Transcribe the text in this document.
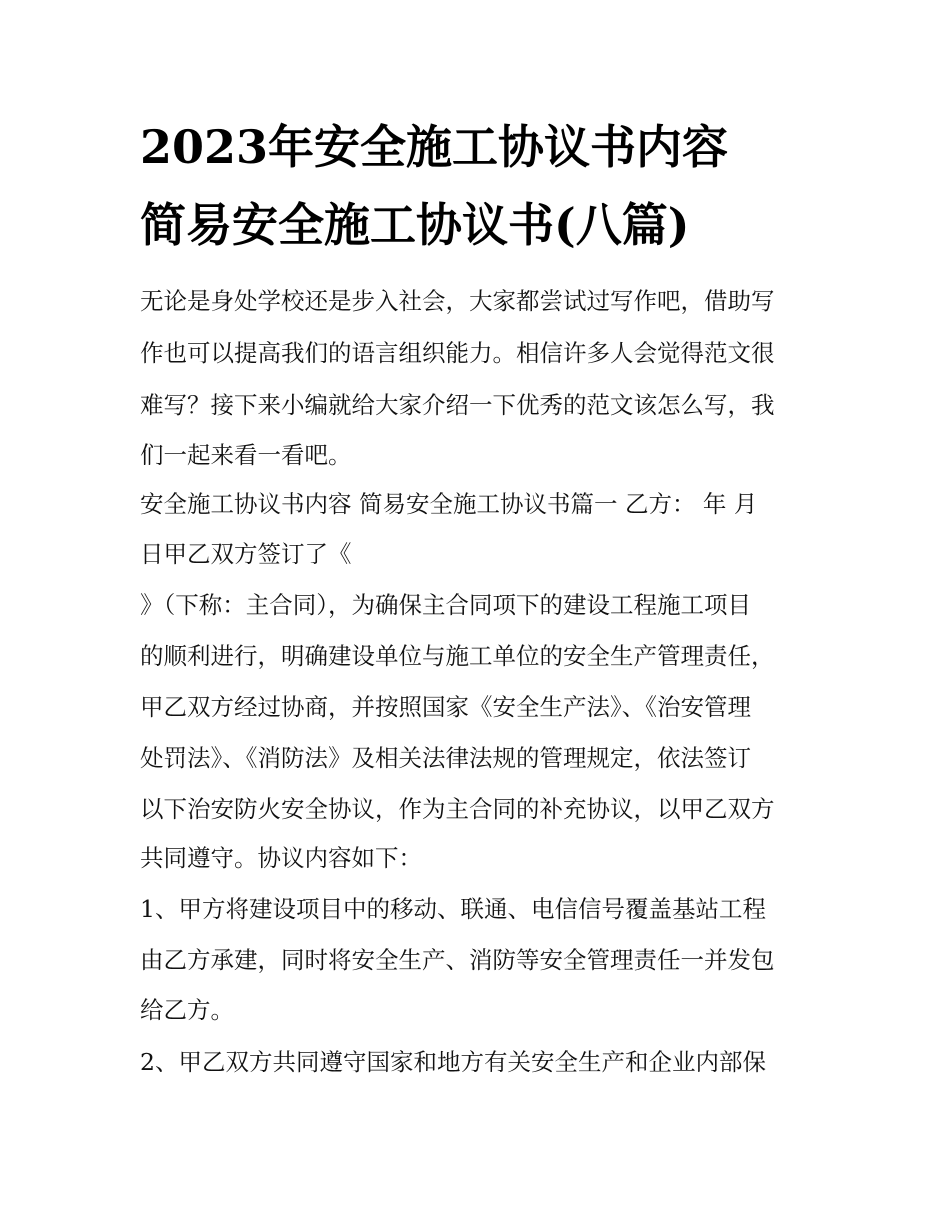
2023年安全施工协议书内容
简易安全施工协议书(八篇)
无论是身处学校还是步入社会，大家都尝试过写作吧，借助写
作也可以提高我们的语言组织能力。相信许多人会觉得范文很
难写？接下来小编就给大家介绍一下优秀的范文该怎么写，我
们一起来看一看吧。
安全施工协议书内容 简易安全施工协议书篇一 乙方： 年 月
日甲乙双方签订了《
》（下称：主合同），为确保主合同项下的建设工程施工项目
的顺利进行，明确建设单位与施工单位的安全生产管理责任，
甲乙双方经过协商，并按照国家《安全生产法》、《治安管理
处罚法》、《消防法》及相关法律法规的管理规定，依法签订
以下治安防火安全协议，作为主合同的补充协议，以甲乙双方
共同遵守。协议内容如下：
1、甲方将建设项目中的移动、联通、电信信号覆盖基站工程
由乙方承建，同时将安全生产、消防等安全管理责任一并发包
给乙方。
2、甲乙双方共同遵守国家和地方有关安全生产和企业内部保
